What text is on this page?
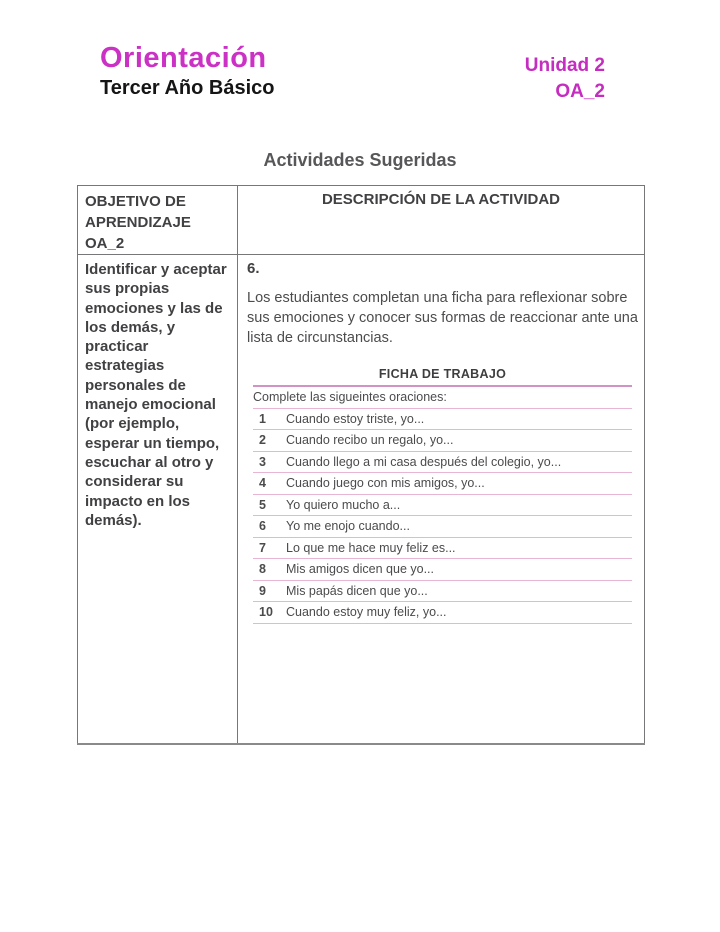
Orientación
Tercer Año Básico
Unidad 2
OA_2
Actividades Sugeridas
OBJETIVO DE APRENDIZAJE OA_2	DESCRIPCIÓN DE LA ACTIVIDAD
Identificar y aceptar sus propias emociones y las de los demás, y practicar estrategias personales de manejo emocional (por ejemplo, esperar un tiempo, escuchar al otro y considerar su impacto en los demás).	
6.
Los estudiantes completan una ficha para reflexionar sobre sus emociones y conocer sus formas de reaccionar ante una lista de circunstancias.
FICHA DE TRABAJO
Complete las sigueintes oraciones:
1	Cuando estoy triste, yo...
2	Cuando recibo un regalo, yo...
3	Cuando llego a mi casa después del colegio, yo...
4	Cuando juego con mis amigos, yo...
5	Yo quiero mucho a...
6	Yo me enojo cuando...
7	Lo que me hace muy feliz es...
8	Mis amigos dicen que yo...
9	Mis papás dicen que yo...
10	Cuando estoy muy feliz, yo...
